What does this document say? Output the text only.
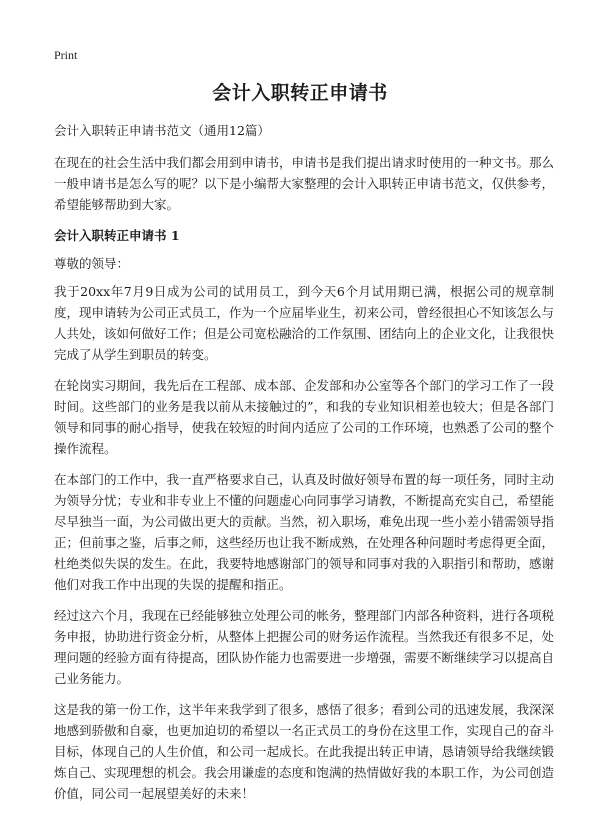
Print
会计入职转正申请书

会计入职转正申请书范文（通用12篇）

在现在的社会生活中我们都会用到申请书，申请书是我们提出请求时使用的一种文书。那么一般申请书是怎么写的呢？以下是小编帮大家整理的会计入职转正申请书范文，仅供参考，希望能够帮助到大家。

会计入职转正申请书 1

尊敬的领导：

我于20xx年7月9日成为公司的试用员工，到今天6个月试用期已满，根据公司的规章制度，现申请转为公司正式员工，作为一个应届毕业生，初来公司，曾经很担心不知该怎么与人共处，该如何做好工作；但是公司宽松融洽的工作氛围、团结向上的企业文化，让我很快完成了从学生到职员的转变。

在轮岗实习期间，我先后在工程部、成本部、企发部和办公室等各个部门的学习工作了一段时间。这些部门的业务是我以前从未接触过的”，和我的专业知识相差也较大；但是各部门领导和同事的耐心指导，使我在较短的时间内适应了公司的工作环境，也熟悉了公司的整个操作流程。

在本部门的工作中，我一直严格要求自己，认真及时做好领导布置的每一项任务，同时主动为领导分忧；专业和非专业上不懂的问题虚心向同事学习请教，不断提高充实自己，希望能尽早独当一面，为公司做出更大的贡献。当然，初入职场，难免出现一些小差小错需领导指正；但前事之鉴，后事之师，这些经历也让我不断成熟，在处理各种问题时考虑得更全面，杜绝类似失误的发生。在此，我要特地感谢部门的领导和同事对我的入职指引和帮助，感谢他们对我工作中出现的失误的提醒和指正。

经过这六个月，我现在已经能够独立处理公司的帐务，整理部门内部各种资料，进行各项税务申报，协助进行资金分析，从整体上把握公司的财务运作流程。当然我还有很多不足，处理问题的经验方面有待提高，团队协作能力也需要进一步增强，需要不断继续学习以提高自己业务能力。

这是我的第一份工作，这半年来我学到了很多，感悟了很多；看到公司的迅速发展，我深深地感到骄傲和自豪，也更加迫切的希望以一名正式员工的身份在这里工作，实现自己的奋斗目标，体现自己的人生价值，和公司一起成长。在此我提出转正申请，恳请领导给我继续锻炼自己、实现理想的机会。我会用谦虚的态度和饱满的热情做好我的本职工作，为公司创造价值，同公司一起展望美好的未来！
